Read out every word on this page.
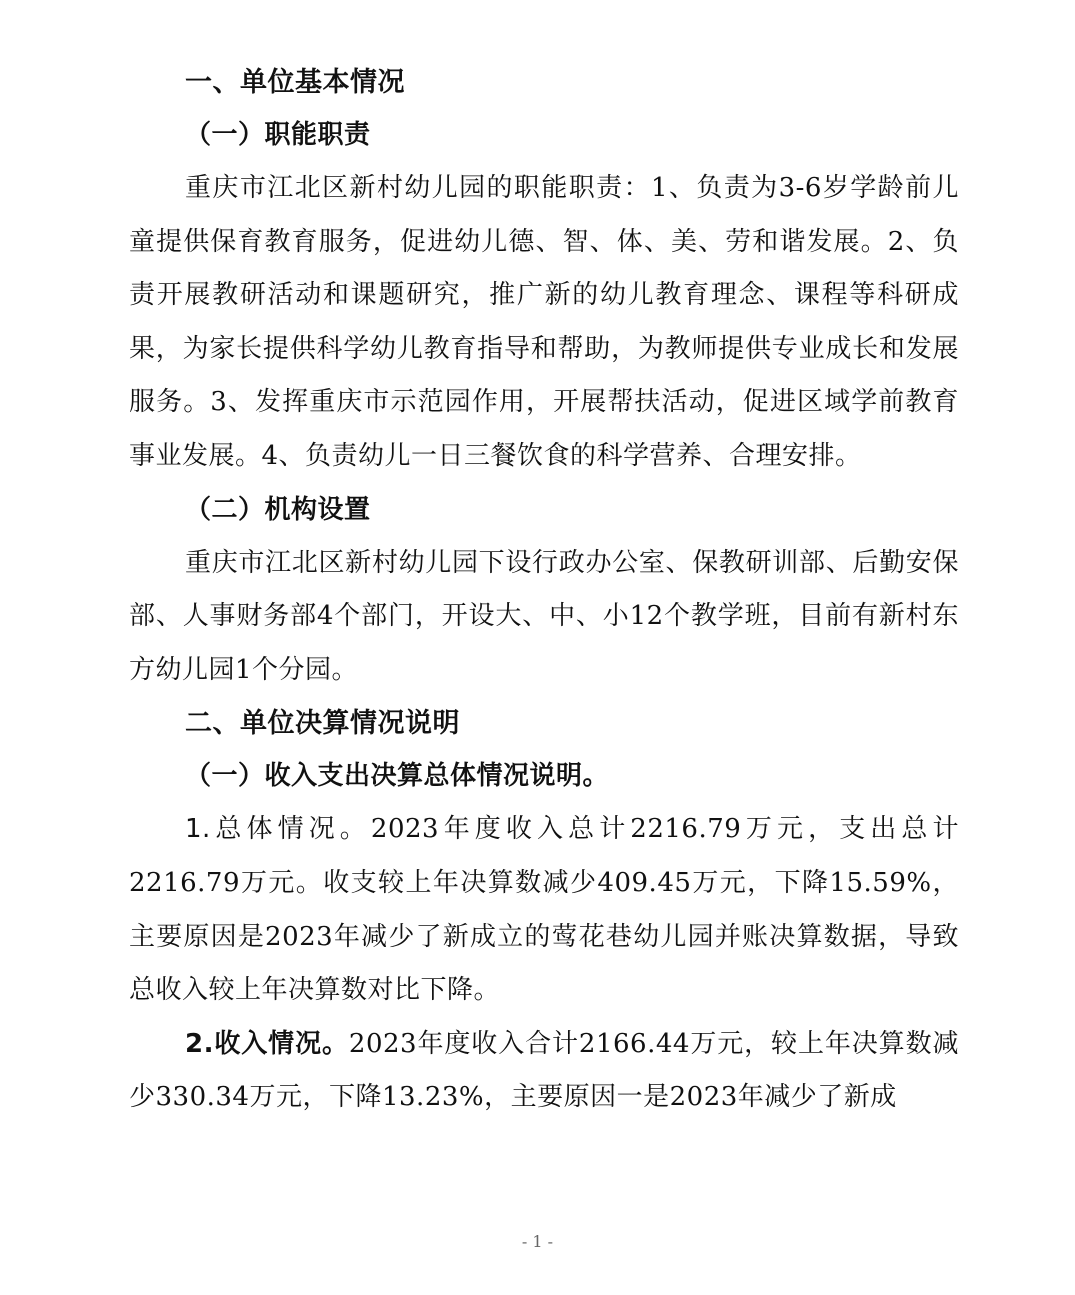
一、单位基本情况
（一）职能职责

重庆市江北区新村幼儿园的职能职责：1、负责为3-6岁学龄前儿童提供保育教育服务，促进幼儿德、智、体、美、劳和谐发展。2、负责开展教研活动和课题研究，推广新的幼儿教育理念、课程等科研成果，为家长提供科学幼儿教育指导和帮助，为教师提供专业成长和发展服务。3、发挥重庆市示范园作用，开展帮扶活动，促进区域学前教育事业发展。4、负责幼儿一日三餐饮食的科学营养、合理安排。

（二）机构设置

重庆市江北区新村幼儿园下设行政办公室、保教研训部、后勤安保部、人事财务部4个部门，开设大、中、小12个教学班，目前有新村东方幼儿园1个分园。

二、单位决算情况说明
（一）收入支出决算总体情况说明。

1.总体情况。2023年度收入总计2216.79万元，支出总计2216.79万元。收支较上年决算数减少409.45万元，下降15.59%，主要原因是2023年减少了新成立的莺花巷幼儿园并账决算数据，导致总收入较上年决算数对比下降。

2.收入情况。2023年度收入合计2166.44万元，较上年决算数减少330.34万元，下降13.23%，主要原因一是2023年减少了新成

- 1 -
